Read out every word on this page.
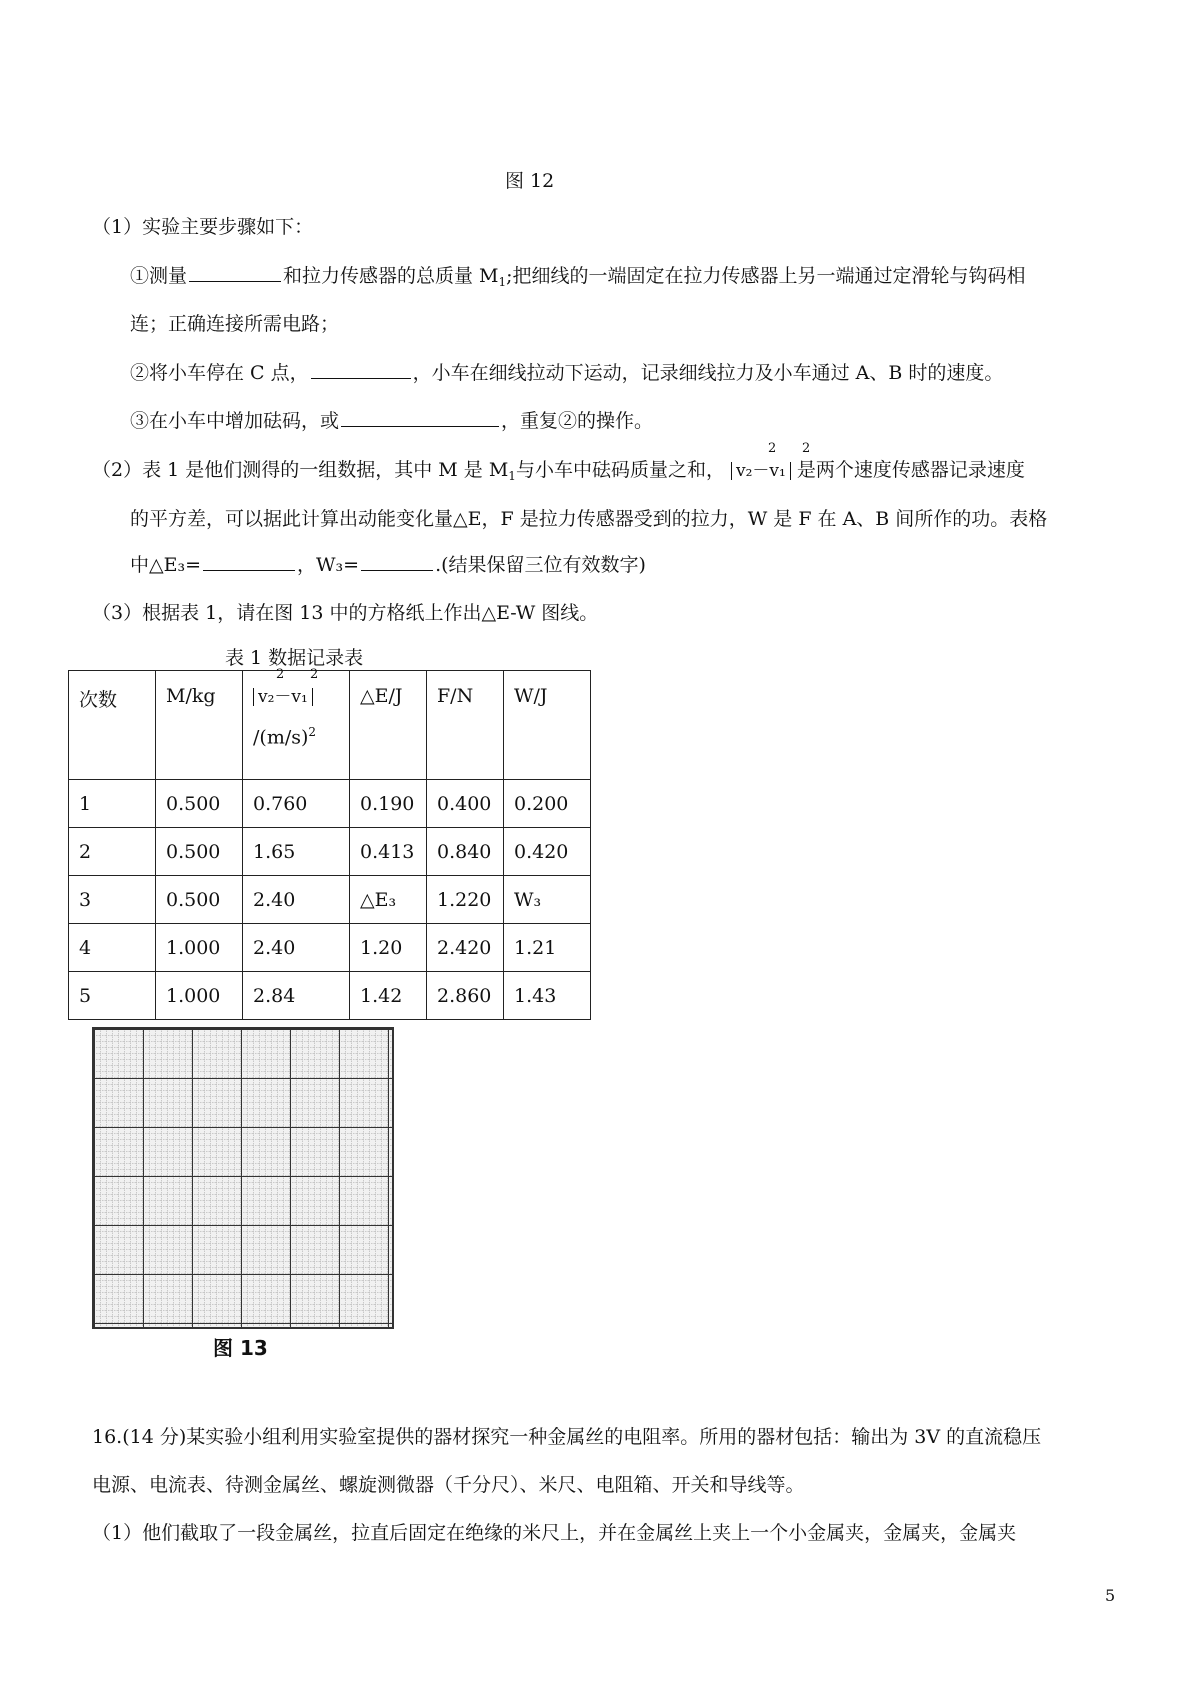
图 12
（1）实验主要步骤如下：
①测量	和拉力传感器的总质量 $M_1$;把细线的一端固定在拉力传感器上另一端通过定滑轮与钩码相
连；正确连接所需电路；
②将小车停在 C 点，	，小车在细线拉动下运动，记录细线拉力及小车通过 A、B 时的速度。
③在小车中增加砝码，或	，重复②的操作。
（2）表 1 是他们测得的一组数据，其中 M 是 $M_1$与小车中砝码质量之和，
2 2
v₂－v₁ 是两个速度传感器记录速度
的平方差，可以据此计算出动能变化量△E，F 是拉力传感器受到的拉力，W 是 F 在 A、B 间所作的功。表格
中△E₃=	，W₃=	.(结果保留三位有效数字)
（3）根据表 1，请在图 13 中的方格纸上作出△E-W 图线。
表 1 数据记录表
次数	M/kg	2 2
v₂－v₁
$/(m/s)^2$	△E/J	F/N	W/J
1	0.500	0.760	0.190	0.400	0.200
2	0.500	1.65	0.413	0.840	0.420
3	0.500	2.40	△E₃	1.220	W₃
4	1.000	2.40	1.20	2.420	1.21
5	1.000	2.84	1.42	2.860	1.43
图 13
16.(14 分)某实验小组利用实验室提供的器材探究一种金属丝的电阻率。所用的器材包括：输出为 3V 的直流稳压
电源、电流表、待测金属丝、螺旋测微器（千分尺）、米尺、电阻箱、开关和导线等。
（1）他们截取了一段金属丝，拉直后固定在绝缘的米尺上，并在金属丝上夹上一个小金属夹，金属夹，金属夹
5
